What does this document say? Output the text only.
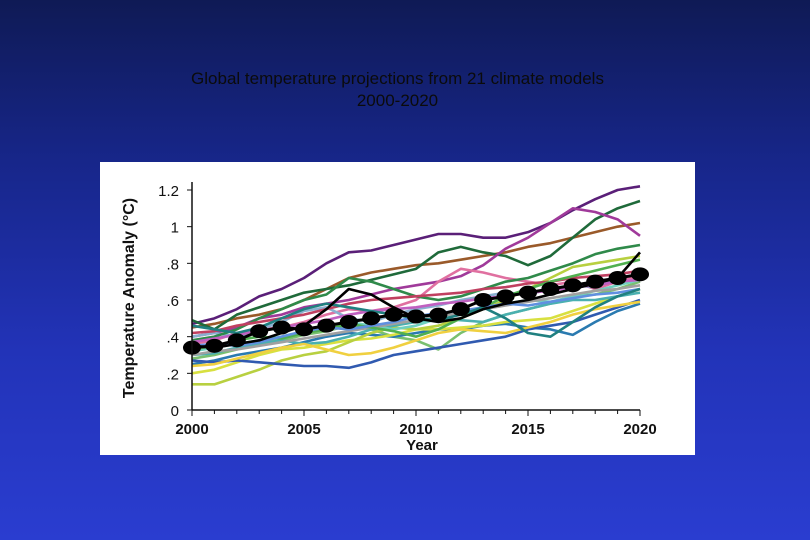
Global temperature projections from 21 climate models
2000-2020
2000	2005	2010	2015	2020
0
.2
.4
.6
.8
1
1.2
Year
Temperature Anomaly (°C)
